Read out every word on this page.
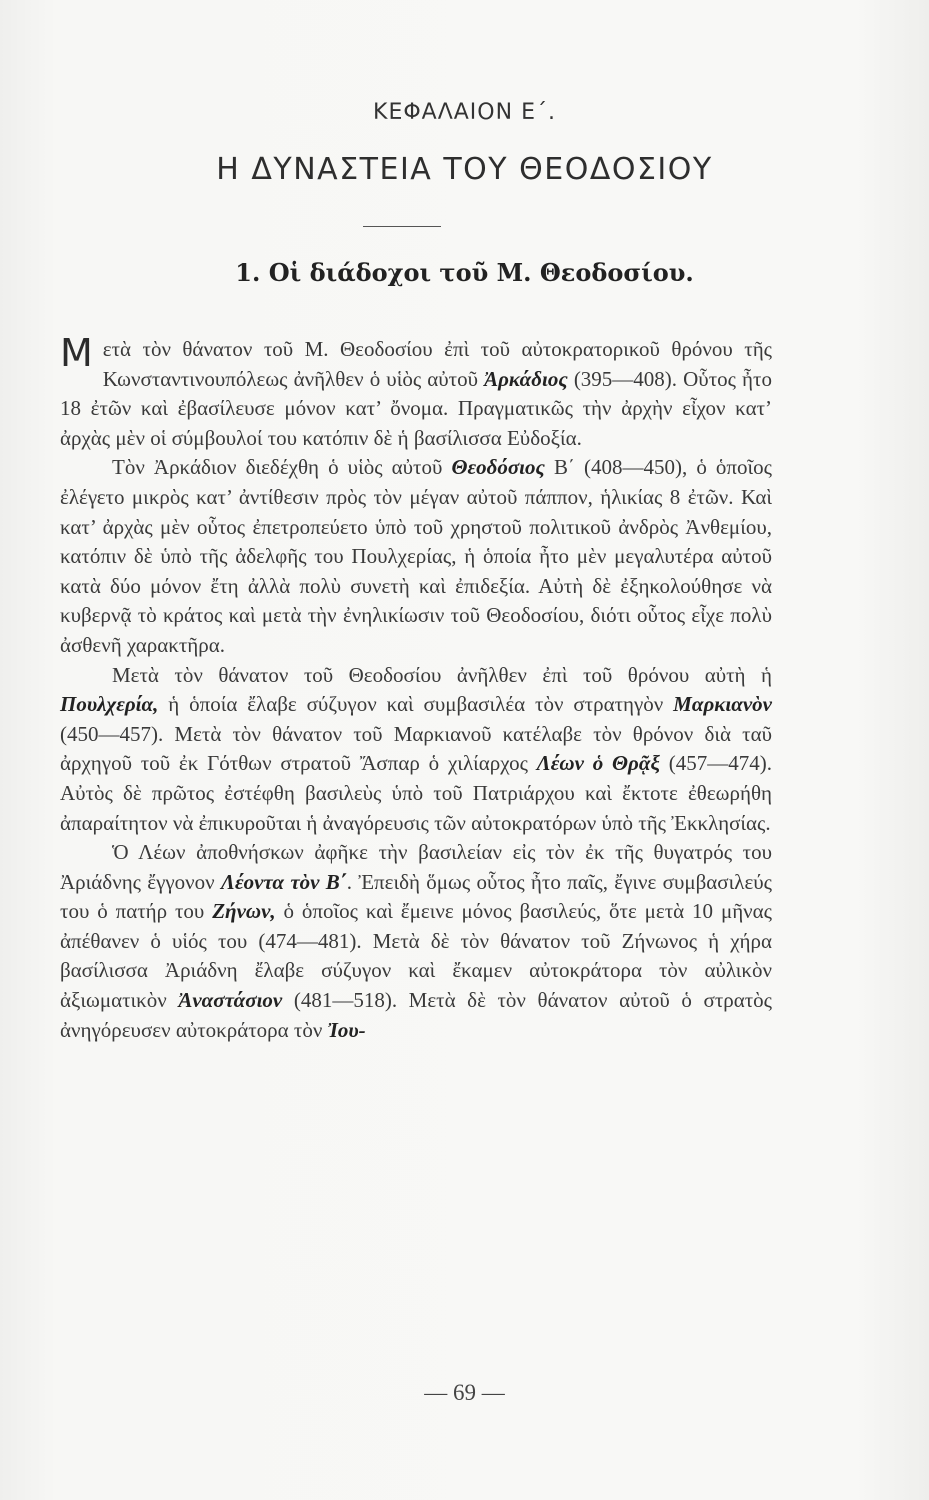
ΚΕΦΑΛΑΙΟΝ Ε΄.
Η ΔΥΝΑΣΤΕΙΑ ΤΟΥ ΘΕΟΔΟΣΙΟΥ
1. Οἱ διάδοχοι τοῦ Μ. Θεοδοσίου.

Μετὰ τὸν θάνατον τοῦ Μ. Θεοδοσίου ἐπὶ τοῦ αὐτοκρατορικοῦ θρόνου τῆς Κωνσταντινουπόλεως ἀνῆλθεν ὁ υἱὸς αὐτοῦ Ἀρκάδιος (395—408). Οὗτος ἦτο 18 ἐτῶν καὶ ἐβασίλευσε μόνον κατ’ ὄνομα. Πραγματικῶς τὴν ἀρχὴν εἶχον κατ’ ἀρχὰς μὲν οἱ σύμβουλοί του κατόπιν δὲ ἡ βασίλισσα Εὐδοξία.

Τὸν Ἀρκάδιον διεδέχθη ὁ υἱὸς αὐτοῦ Θεοδόσιος Β΄ (408—450), ὁ ὁποῖος ἐλέγετο μικρὸς κατ’ ἀντίθεσιν πρὸς τὸν μέγαν αὐτοῦ πάππον, ἡλικίας 8 ἐτῶν. Καὶ κατ’ ἀρχὰς μὲν οὗτος ἐπετροπεύετο ὑπὸ τοῦ χρηστοῦ πολιτικοῦ ἀνδρὸς Ἀνθεμίου, κατόπιν δὲ ὑπὸ τῆς ἀδελφῆς του Πουλχερίας, ἡ ὁποία ἦτο μὲν μεγαλυτέρα αὐτοῦ κατὰ δύο μόνον ἔτη ἀλλὰ πολὺ συνετὴ καὶ ἐπιδεξία. Αὐτὴ δὲ ἐξηκολούθησε νὰ κυβερνᾷ τὸ κράτος καὶ μετὰ τὴν ἐνηλικίωσιν τοῦ Θεοδοσίου, διότι οὗτος εἶχε πολὺ ἀσθενῆ χαρακτῆρα.

Μετὰ τὸν θάνατον τοῦ Θεοδοσίου ἀνῆλθεν ἐπὶ τοῦ θρόνου αὐτὴ ἡ Πουλχερία, ἡ ὁποία ἔλαβε σύζυγον καὶ συμβασιλέα τὸν στρατηγὸν Μαρκιανὸν (450—457). Μετὰ τὸν θάνατον τοῦ Μαρκιανοῦ κατέλαβε τὸν θρόνον διὰ ταῦ ἀρχηγοῦ τοῦ ἐκ Γότθων στρατοῦ Ἄσπαρ ὁ χιλίαρχος Λέων ὁ Θρᾷξ (457—474). Αὐτὸς δὲ πρῶτος ἐστέφθη βασιλεὺς ὑπὸ τοῦ Πατριάρχου καὶ ἔκτοτε ἐθεωρήθη ἀπαραίτητον νὰ ἐπικυροῦται ἡ ἀναγόρευσις τῶν αὐτοκρατόρων ὑπὸ τῆς Ἐκκλησίας.

Ὁ Λέων ἀποθνήσκων ἀφῆκε τὴν βασιλείαν εἰς τὸν ἐκ τῆς θυγατρός του Ἀριάδνης ἔγγονον Λέοντα τὸν Β΄. Ἐπειδὴ ὅμως οὗτος ἦτο παῖς, ἔγινε συμβασιλεύς του ὁ πατήρ του Ζήνων, ὁ ὁποῖος καὶ ἔμεινε μόνος βασιλεύς, ὅτε μετὰ 10 μῆνας ἀπέθανεν ὁ υἱός του (474—481). Μετὰ δὲ τὸν θάνατον τοῦ Ζήνωνος ἡ χήρα βασίλισσα Ἀριάδνη ἔλαβε σύζυγον καὶ ἔκαμεν αὐτοκράτορα τὸν αὐλικὸν ἀξιωματικὸν Ἀναστάσιον (481—518). Μετὰ δὲ τὸν θάνατον αὐτοῦ ὁ στρατὸς ἀνηγόρευσεν αὐτοκράτορα τὸν Ἰου-

— 69 —
